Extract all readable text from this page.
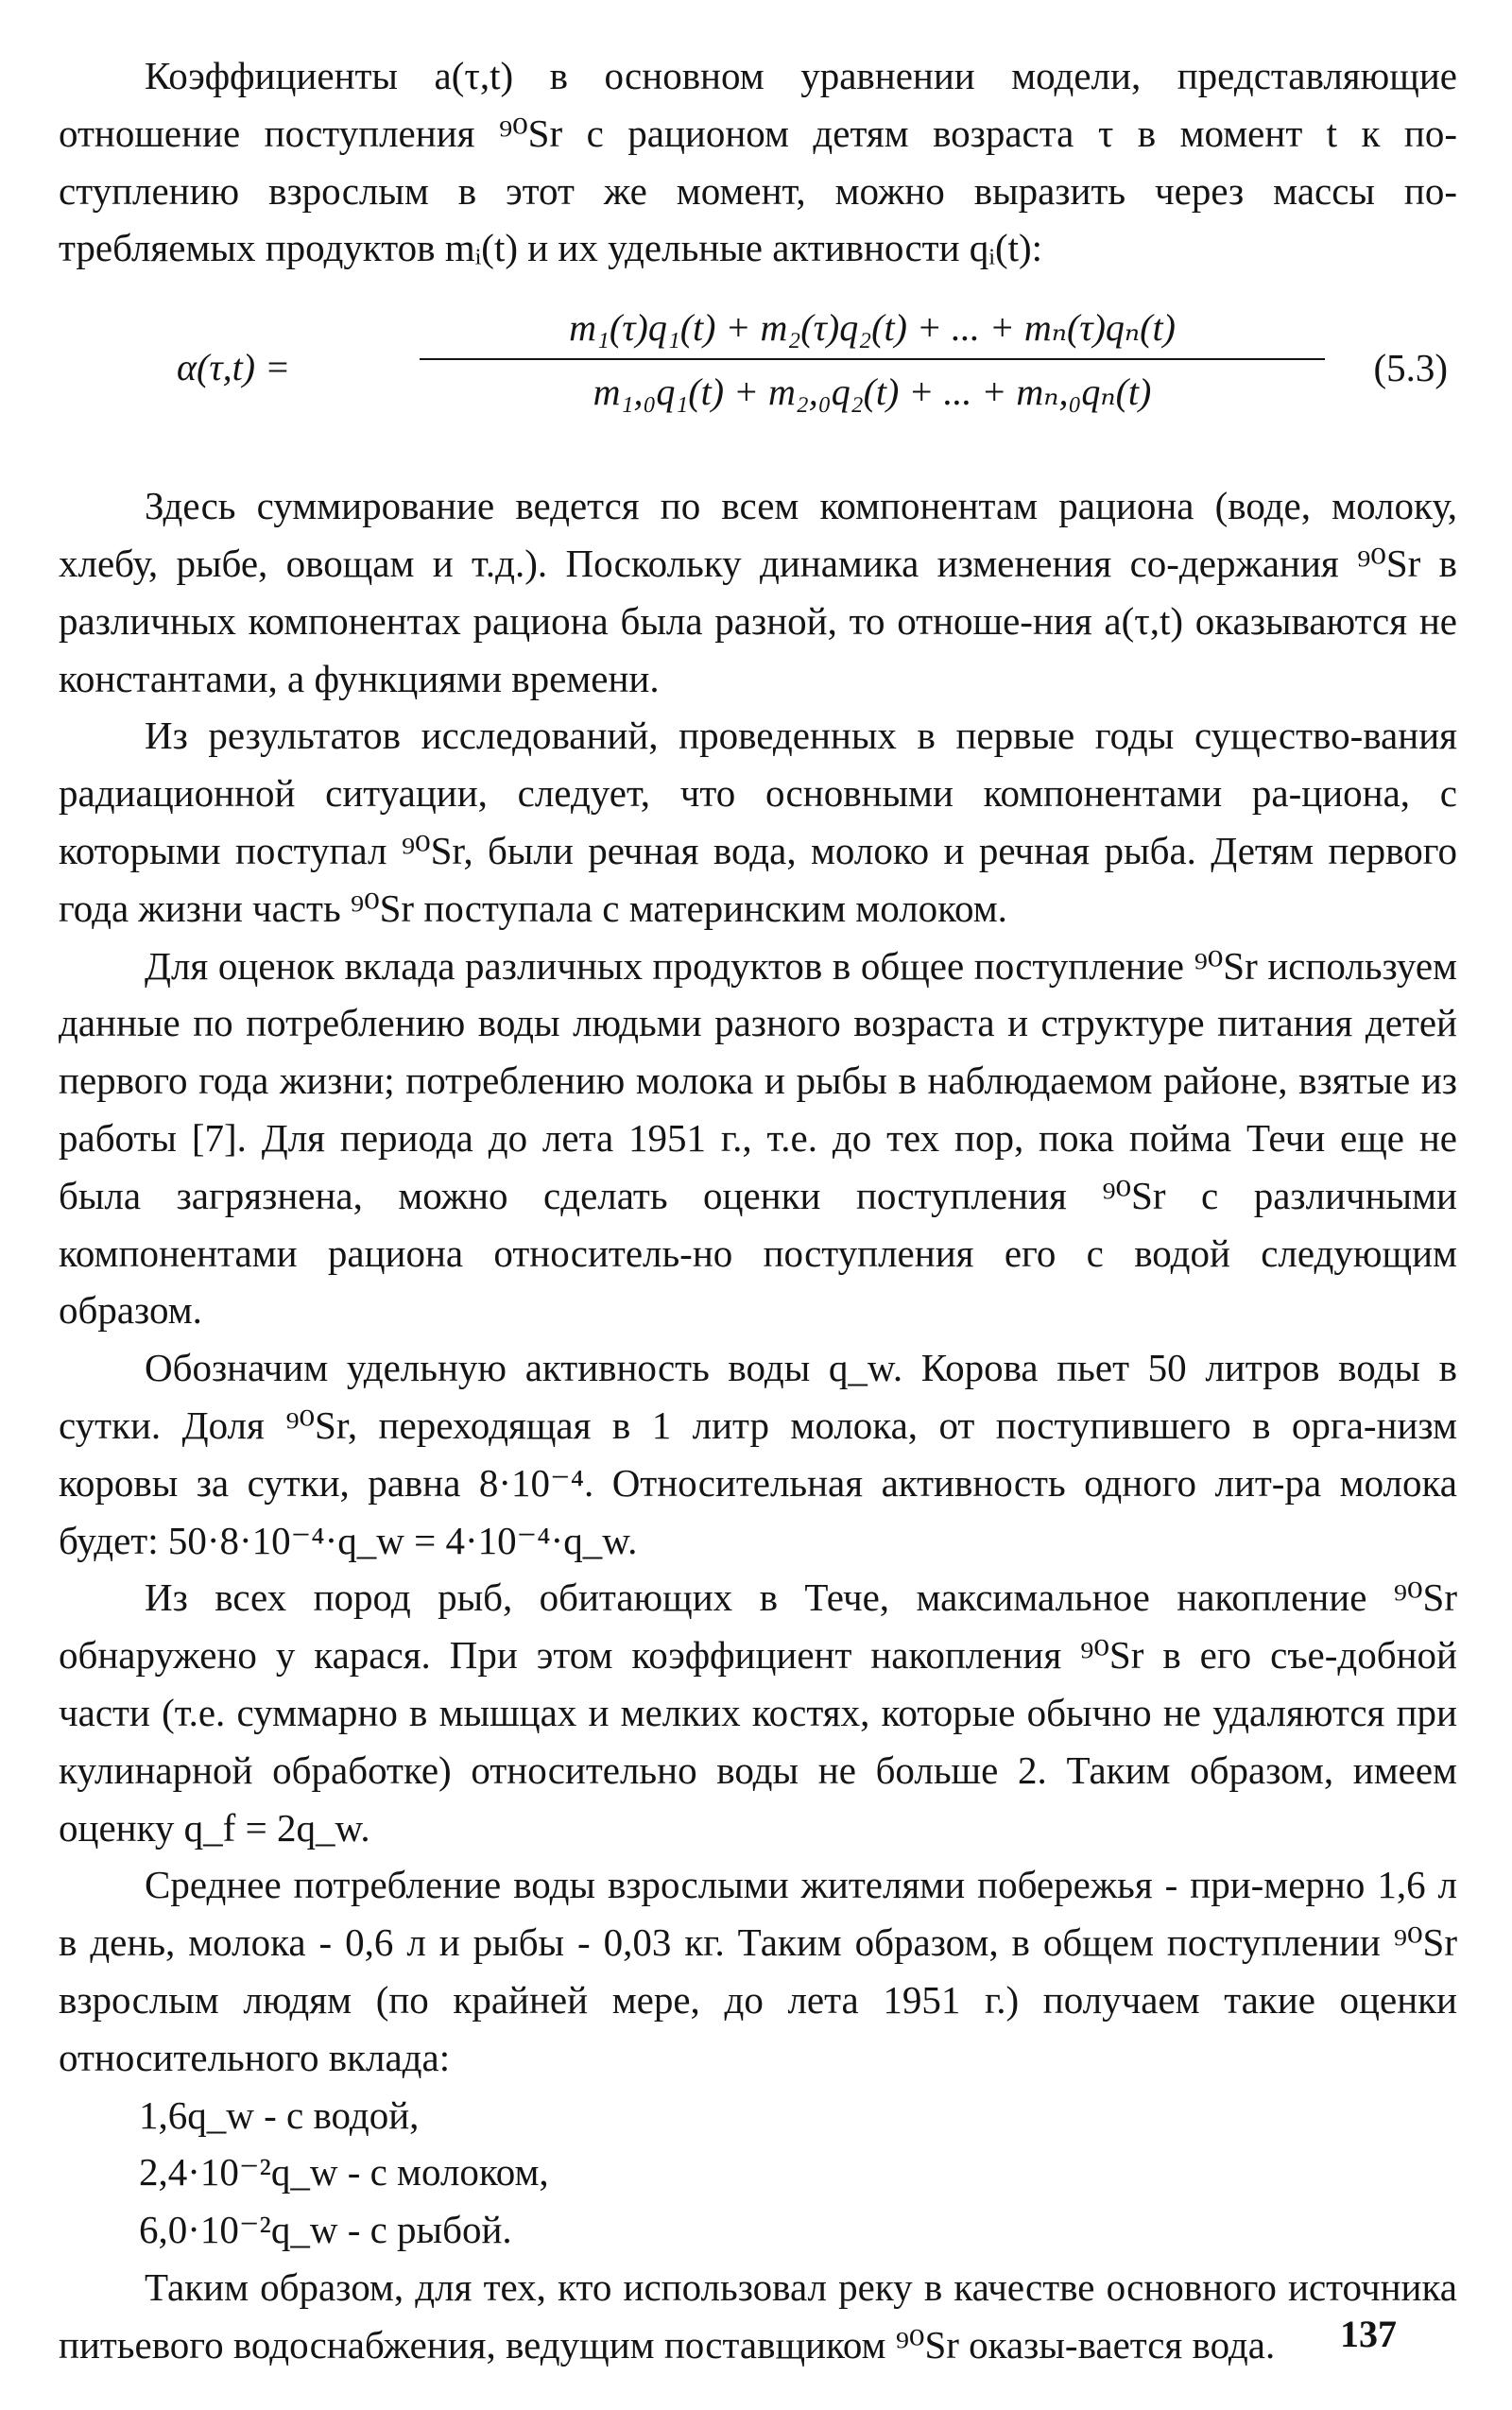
Коэффициенты a(τ,t) в основном уравнении модели, представляющие отношение поступления ⁹⁰Sr с рационом детям возраста τ в момент t к по-ступлению взрослым в этот же момент, можно выразить через массы по-требляемых продуктов mᵢ(t) и их удельные активности qᵢ(t):

α(τ,t) =
m₁(τ)q₁(t) + m₂(τ)q₂(t) + ... + mₙ(τ)qₙ(t)
m₁,₀q₁(t) + m₂,₀q₂(t) + ... + mₙ,₀qₙ(t)
(5.3)

Здесь суммирование ведется по всем компонентам рациона (воде, молоку, хлебу, рыбе, овощам и т.д.). Поскольку динамика изменения со-держания ⁹⁰Sr в различных компонентах рациона была разной, то отноше-ния a(τ,t) оказываются не константами, а функциями времени.

Из результатов исследований, проведенных в первые годы существо-вания радиационной ситуации, следует, что основными компонентами ра-циона, с которыми поступал ⁹⁰Sr, были речная вода, молоко и речная рыба. Детям первого года жизни часть ⁹⁰Sr поступала с материнским молоком.

Для оценок вклада различных продуктов в общее поступление ⁹⁰Sr используем данные по потреблению воды людьми разного возраста и структуре питания детей первого года жизни; потреблению молока и рыбы в наблюдаемом районе, взятые из работы [7]. Для периода до лета 1951 г., т.е. до тех пор, пока пойма Течи еще не была загрязнена, можно сделать оценки поступления ⁹⁰Sr с различными компонентами рациона относитель-но поступления его с водой следующим образом.

Обозначим удельную активность воды q_w. Корова пьет 50 литров воды в сутки. Доля ⁹⁰Sr, переходящая в 1 литр молока, от поступившего в орга-низм коровы за сутки, равна 8·10⁻⁴. Относительная активность одного лит-ра молока будет: 50·8·10⁻⁴·q_w = 4·10⁻⁴·q_w.

Из всех пород рыб, обитающих в Тече, максимальное накопление ⁹⁰Sr обнаружено у карася. При этом коэффициент накопления ⁹⁰Sr в его съе-добной части (т.е. суммарно в мышцах и мелких костях, которые обычно не удаляются при кулинарной обработке) относительно воды не больше 2. Таким образом, имеем оценку q_f = 2q_w.

Среднее потребление воды взрослыми жителями побережья - при-мерно 1,6 л в день, молока - 0,6 л и рыбы - 0,03 кг. Таким образом, в общем поступлении ⁹⁰Sr взрослым людям (по крайней мере, до лета 1951 г.) получаем такие оценки относительного вклада:

1,6q_w - с водой,

2,4·10⁻²q_w - с молоком,

6,0·10⁻²q_w - с рыбой.

Таким образом, для тех, кто использовал реку в качестве основного источника питьевого водоснабжения, ведущим поставщиком ⁹⁰Sr оказы-вается вода.	137
